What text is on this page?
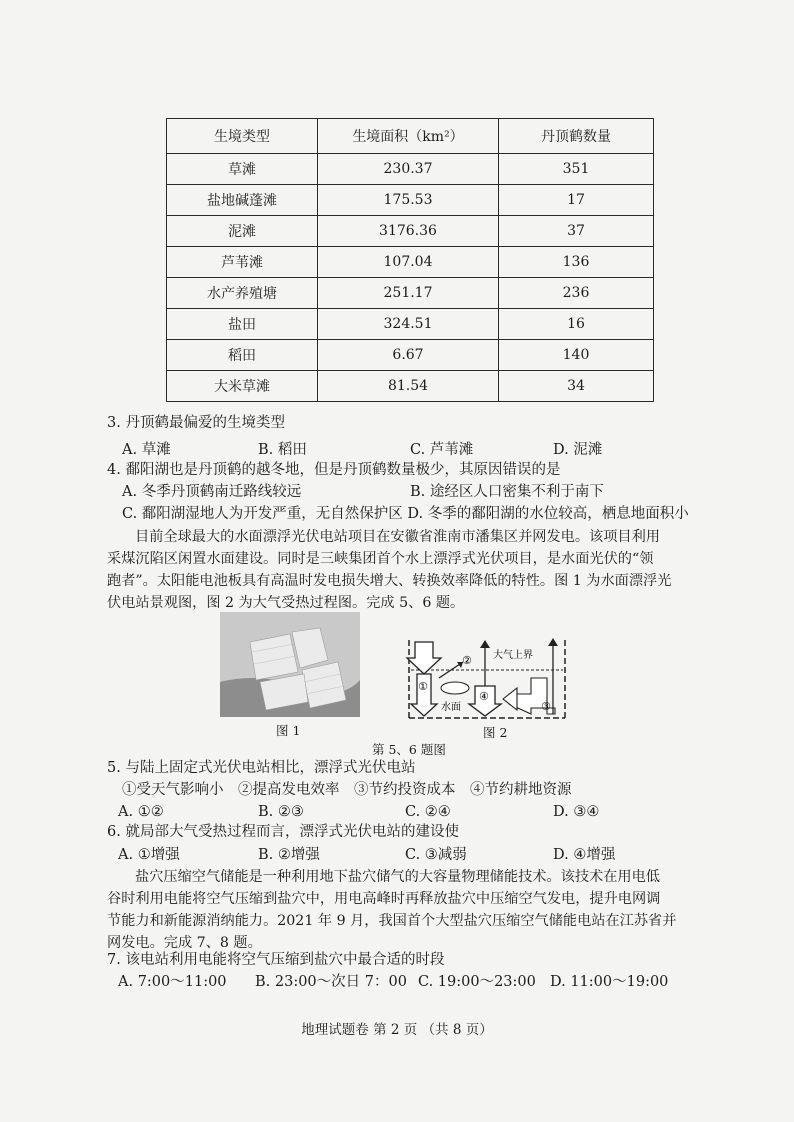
生境类型	生境面积（km²）	丹顶鹤数量
草滩	230.37	351
盐地碱蓬滩	175.53	17
泥滩	3176.36	37
芦苇滩	107.04	136
水产养殖塘	251.17	236
盐田	324.51	16
稻田	6.67	140
大米草滩	81.54	34
3. 丹顶鹤最偏爱的生境类型
A. 草滩	B. 稻田	C. 芦苇滩	D. 泥滩
4. 鄱阳湖也是丹顶鹤的越冬地，但是丹顶鹤数量极少，其原因错误的是
A. 冬季丹顶鹤南迁路线较远	B. 途经区人口密集不利于南下
C. 鄱阳湖湿地人为开发严重，无自然保护区 D. 冬季的鄱阳湖的水位较高，栖息地面积小
目前全球最大的水面漂浮光伏电站项目在安徽省淮南市潘集区并网发电。该项目利用
采煤沉陷区闲置水面建设。同时是三峡集团首个水上漂浮式光伏项目，是水面光伏的“领
跑者”。太阳能电池板具有高温时发电损失增大、转换效率降低的特性。图 1 为水面漂浮光
伏电站景观图，图 2 为大气受热过程图。完成 5、6 题。
图 1
①
②
④
③
大气上界
水面
图 2
第 5、6 题图
5. 与陆上固定式光伏电站相比，漂浮式光伏电站
①受天气影响小　②提高发电效率　③节约投资成本　④节约耕地资源
A. ①②	B. ②③	C. ②④	D. ③④
6. 就局部大气受热过程而言，漂浮式光伏电站的建设使
A. ①增强	B. ②增强	C. ③减弱	D. ④增强
盐穴压缩空气储能是一种利用地下盐穴储气的大容量物理储能技术。该技术在用电低
谷时利用电能将空气压缩到盐穴中，用电高峰时再释放盐穴中压缩空气发电，提升电网调
节能力和新能源消纳能力。2021 年 9 月，我国首个大型盐穴压缩空气储能电站在江苏省并
网发电。完成 7、8 题。
7. 该电站利用电能将空气压缩到盐穴中最合适的时段
A. 7:00～11:00 B. 23:00～次日 7：00 C. 19:00～23:00 D. 11:00～19:00
地理试题卷 第 2 页 （共 8 页）
